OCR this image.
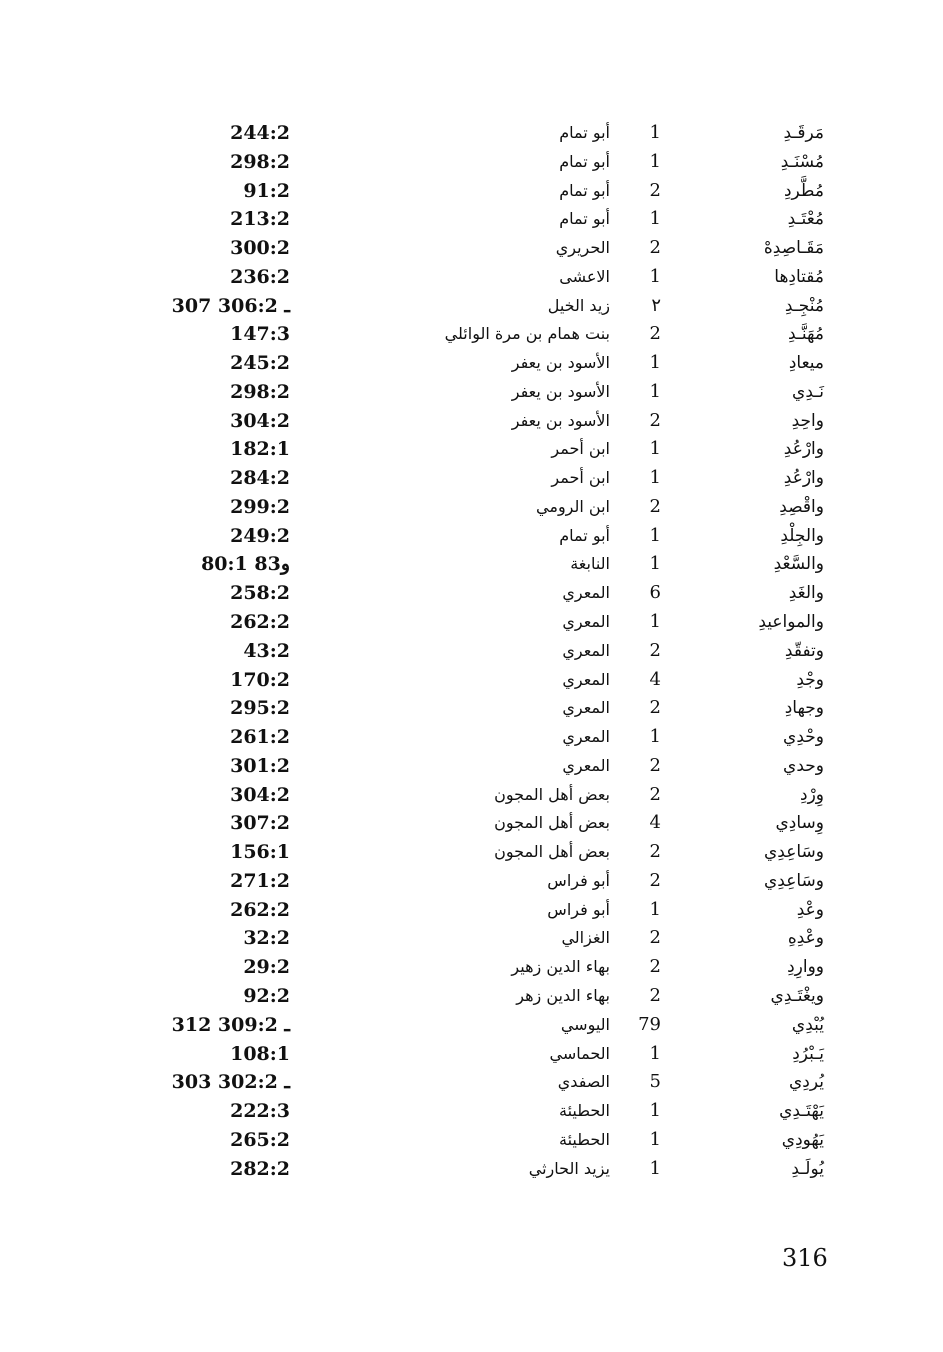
مَرقَـدِ
1
أبو تمام
244:2
مُسْنَـدِ
1
أبو تمام
298:2
مُطَّردِ
2
أبو تمام
91:2
مُعْتَـدِ
1
أبو تمام
213:2
مَقَـاصِدِهْ
2
الحريري
300:2
مُقتادِها
1
الاعشى
236:2
مُنْجِـدِ
٢
زيد الخيل
307 ـ 306:2
مُهَنَّـدِ
2
بنت همام بن مرة الوائلي
147:3
ميعادِ
1
الأسود بن يعفر
245:2
نَـدِي
1
الأسود بن يعفر
298:2
واحِدِ
2
الأسود بن يعفر
304:2
وارْعُدِ
1
ابن أحمر
182:1
وارْعُدِ
1
ابن أحمر
284:2
واقْصِدِ
2
ابن الرومي
299:2
والجِلْدِ
1
أبو تمام
249:2
والسَّعْدِ
1
النابغة
80:1 و83
والغَدِ
6
المعري
258:2
والمواعيدِ
1
المعري
262:2
وتفقّدِ
2
المعري
43:2
وجْدِ
4
المعري
170:2
وجهادِ
2
المعري
295:2
وحْدِي
1
المعري
261:2
وحدي
2
المعري
301:2
وِرْدِ
2
بعض أهل المجون
304:2
وِسادِي
4
بعض أهل المجون
307:2
وسَاعِدِي
2
بعض أهل المجون
156:1
وسَاعِدِي
2
أبو فراس
271:2
وعْدِ
1
أبو فراس
262:2
وعْدِهِ
2
الغزالي
32:2
ووارِدِ
2
بهاء الدين زهير
29:2
ويغْتَـدِي
2
بهاء الدين زهر
92:2
يُبْدِي
79
اليوسي
312 ـ 309:2
يَـبْرُدِ
1
الحماسي
108:1
يُردِي
5
الصفدي
303 ـ 302:2
يَهْتَـدِي
1
الحطيئة
222:3
يَهُودِي
1
الحطيئة
265:2
يُولَـدِ
1
يزيد الحارثي
282:2
316
